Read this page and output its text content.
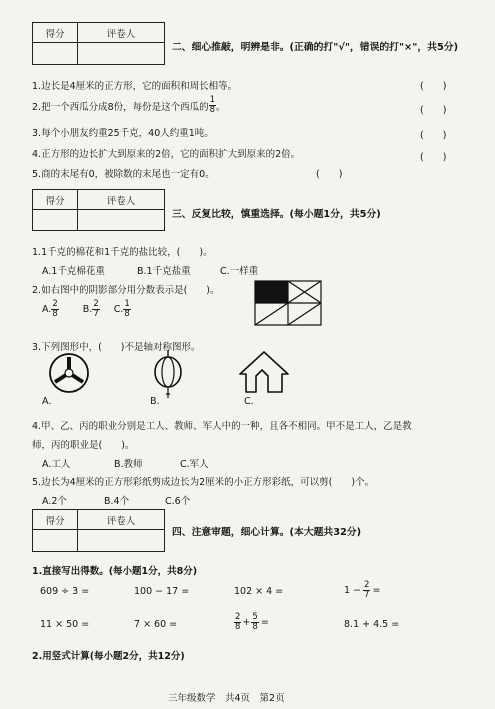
得分	评卷人

二、细心推敲，明辨是非。(正确的打"√"，错误的打"×"，共5分)
1.边长是4厘米的正方形，它的面积和周长相等。	(　　)
2.把一个西瓜分成8份，每份是这个西瓜的 $\frac{1}{8}$ 。	(　　)
3.每个小朋友约重25千克，40人约重1吨。	(　　)
4.正方形的边长扩大到原来的2倍，它的面积扩大到原来的2倍。	(　　)
5.商的末尾有0，被除数的末尾也一定有0。	(　　)
得分	评卷人

三、反复比较，慎重选择。(每小题1分，共5分)
1.1千克的棉花和1千克的盐比较，(　　)。
A.1千克棉花重	B.1千克盐重	C.一样重
2.如右图中的阴影部分用分数表示是(　　)。
A. $\frac{2}{8}$	B. $\frac{2}{7} C$. $\frac{1}{8}$
3.下列图形中，(　　)不是轴对称图形。
A.	B.	C.
4.甲、乙、丙的职业分别是工人、教师、军人中的一种，且各不相同。甲不是工人，乙是教
师，丙的职业是(　　)。
A.工人	B.教师	C.军人
5.边长为4厘米的正方形彩纸剪成边长为2厘米的小正方形彩纸，可以剪(　　)个。
A.2个	B.4个	C.6个
得分	评卷人

四、注意审题，细心计算。(本大题共32分)
1.直接写出得数。(每小题1分，共8分)
609 ÷ 3 =	100 − 17 =	102 × 4 =	$1 - \frac{2}{7}$ =
11 × 50 =	7 × 60 =	$\frac{2}{8} + \frac{5}{8}$ =	8.1 + 4.5 =
2.用竖式计算(每小题2分，共12分)
三年级数学　共4页　第2页
